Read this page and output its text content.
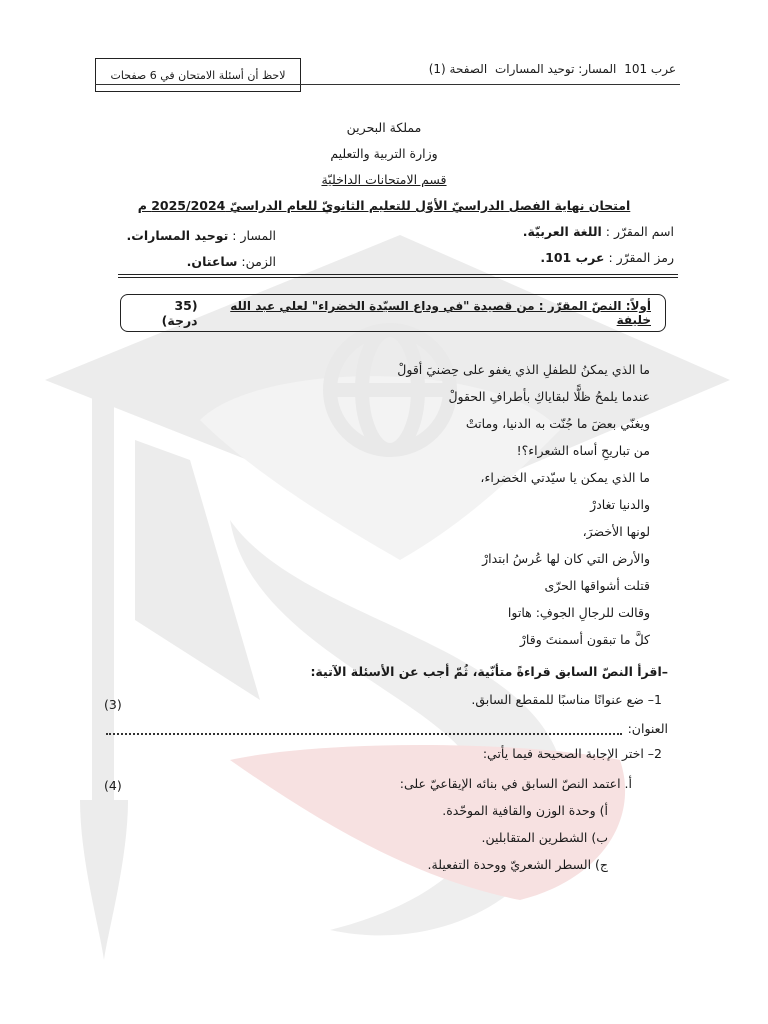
عرب 101 المسار: توحيد المسارات الصفحة (1)
لاحظ أن أسئلة الامتحان في 6 صفحات
مملكة البحرين
وزارة التربية والتعليم
قسم الامتحانات الداخليّة
امتحان نهاية الفصل الدراسيّ الأوّل للتعليم الثانويّ للعام الدراسيّ 2025/2024 م
اسم المقرّر : اللغة العربيّة.
المسار : توحيد المسارات.
رمز المقرّر : عرب 101.
الزمن: ساعتان.
أولاً: النصّ المقرّر : من قصيدة "في وداع السيّدة الخضراء" لعلي عبد الله خليفة
(35 درجة)
ما الذي يمكنُ للطفلِ الذي يغفو على حِضنيَ أقولْ
عندما يلمحُ ظلًّا لبقاياكِ بأطرافِ الحقولْ
ويغنّي بعضَ ما جُنّت به الدنيا، وماتتْ
من تباريحِ أساه الشعراء؟!
ما الذي يمكن يا سيّدتي الخضراء،
والدنيا تغادرْ
لونها الأخضرَ،
والأرض التي كان لها عُرسُ ابتدارْ
قتلت أشواقها الحرّى
وقالت للرجالِ الجوفِ: هاتوا
كلَّ ما تبقون أسمنتَ وقارْ
–اقرأ النصّ السابق قراءةً متأنّية، ثُمّ أجب عن الأسئلة الآتية:
1– ضع عنوانًا مناسبًا للمقطع السابق.
(3)
العنوان:
2– اختر الإجابة الصحيحة فيما يأتي:
(4)	أ. اعتمد النصّ السابق في بنائه الإيقاعيّ على:
أ) وحدة الوزن والقافية الموحّدة.
ب) الشطرين المتقابلين.
ج) السطر الشعريّ ووحدة التفعيلة.
